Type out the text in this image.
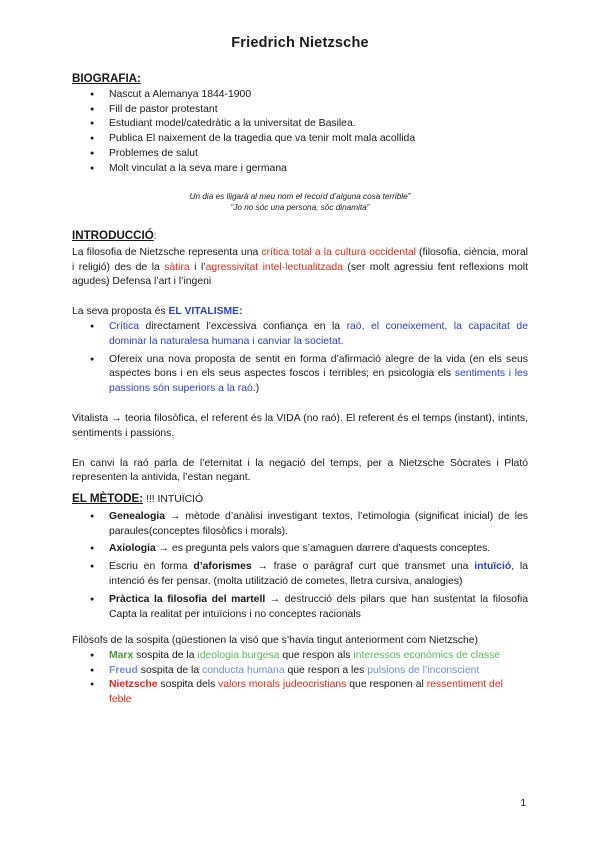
Friedrich Nietzsche
BIOGRAFIA:
● Nascut a Alemanya 1844-1900
● Fill de pastor protestant
● Estudiant model/catedràtic a la universitat de Basilea.
● Publica El naixement de la tragedia que va tenir molt mala acollida
● Problemes de salut
● Molt vinculat a la seva mare i germana
Un dia es lligarà al meu nom el record d’alguna cosa terrible”
“Jo no sóc una persona, sóc dinamita”
INTRODUCCIÓ:

La filosofia de Nietzsche representa una crítica total a la cultura occidental (filosofia, ciència, moral i religió) des de la sàtira i l’agressivitat intel·lectualitzada (ser molt agressiu fent reflexions molt agudes) Defensa l’art i l’ingeni

La seva proposta és EL VITALISME:

● Crítica directament l’excessiva confiança en la raó, el coneixement, la capacitat de dominar la naturalesa humana i canviar la societat.
● Ofereix una nova proposta de sentit en forma d’afirmació alegre de la vida (en els seus aspectes bons i en els seus aspectes foscos i terribles; en psicologia els sentiments i les passions són superiors a la raó.)

Vitalista → teoria filosòfica, el referent és la VIDA (no raó). El referent és el temps (instant), intints, sentiments i passions.

En canvi la raó parla de l’eternitat i la negació del temps, per a Nietzsche Sòcrates i Plató representen la antivida, l’estan negant.

EL MÈTODE: !!! INTUÏCIÓ
● Genealogia → mètode d’anàlisi investigant textos, l’etimologia (significat inicial) de les paraules(conceptes filosòfics i morals).
● Axiologia → es pregunta pels valors que s’amaguen darrere d’aquests conceptes.
● Escriu en forma d’aforismes → frase o paràgraf curt que transmet una intuïció, la intenció és fer pensar. (molta utilització de cometes, lletra cursiva, analogies)
● Pràctica la filosofia del martell → destrucció dels pilars que han sustentat la filosofia Capta la realitat per intuïcions i no conceptes racionals

Filòsofs de la sospita (qüestionen la visó que s’havia tingut anteriorment com Nietzsche)

● Marx sospita de la ideologia burgesa que respon als interessos econòmics de classe
● Freud sospita de la conducta humana que respon a les pulsions de l’inconscient
● Nietzsche sospita dels valors morals judeocristians que responen al ressentiment del feble
1
